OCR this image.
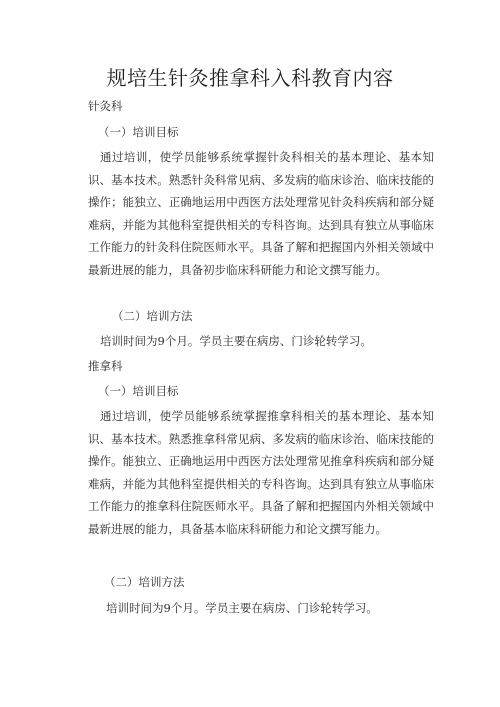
规培生针灸推拿科入科教育内容
针灸科
（一）培训目标
通过培训，使学员能够系统掌握针灸科相关的基本理论、基本知识、基本技术。熟悉针灸科常见病、多发病的临床诊治、临床技能的操作；能独立、正确地运用中西医方法处理常见针灸科疾病和部分疑难病，并能为其他科室提供相关的专科咨询。达到具有独立从事临床工作能力的针灸科住院医师水平。具备了解和把握国内外相关领域中最新进展的能力，具备初步临床科研能力和论文撰写能力。
（二）培训方法
培训时间为9个月。学员主要在病房、门诊轮转学习。
推拿科
（一）培训目标
通过培训，使学员能够系统掌握推拿科相关的基本理论、基本知识、基本技术。熟悉推拿科常见病、多发病的临床诊治、临床技能的操作。能独立、正确地运用中西医方法处理常见推拿科疾病和部分疑难病，并能为其他科室提供相关的专科咨询。达到具有独立从事临床工作能力的推拿科住院医师水平。具备了解和把握国内外相关领域中最新进展的能力，具备基本临床科研能力和论文撰写能力。
（二）培训方法
培训时间为9个月。学员主要在病房、门诊轮转学习。
